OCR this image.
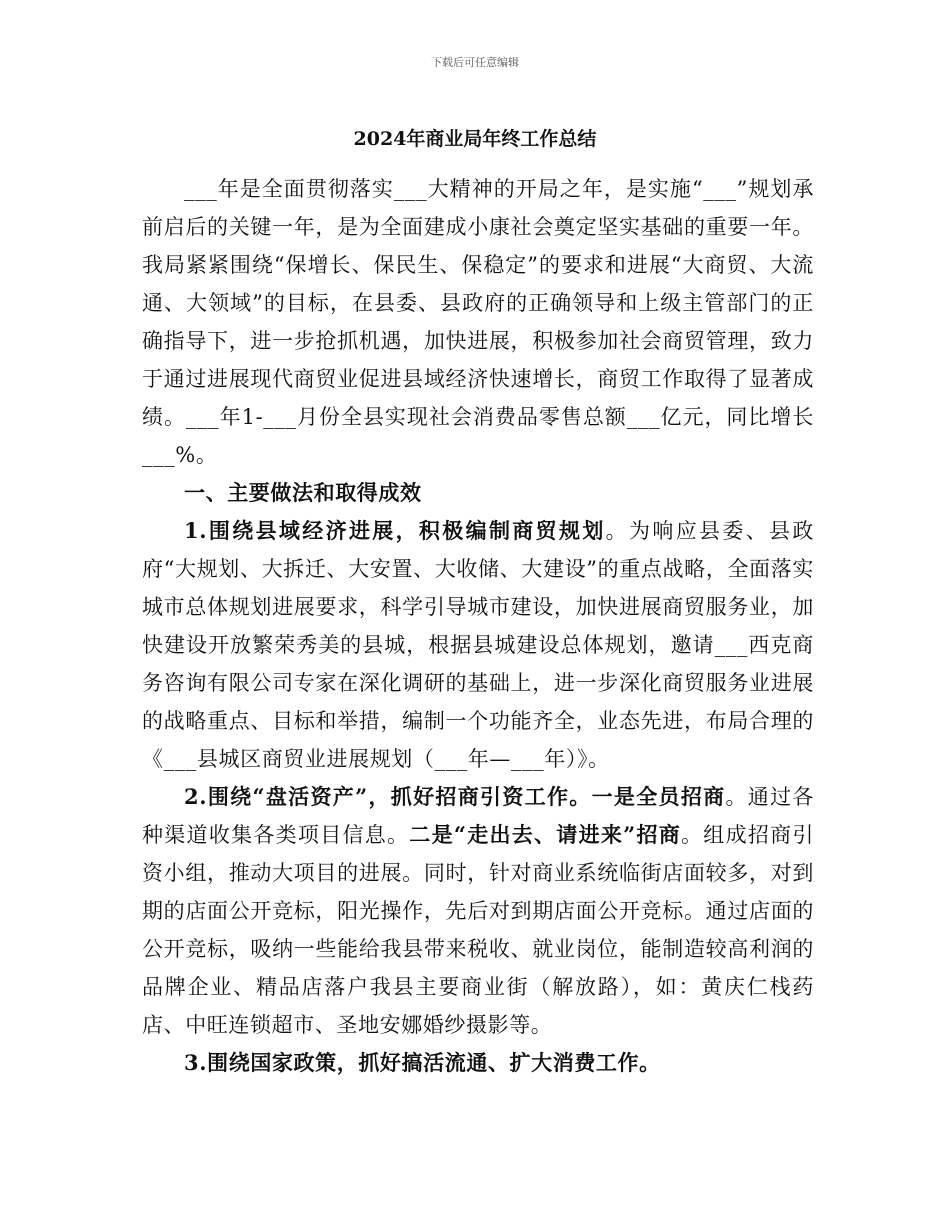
下载后可任意编辑
2024年商业局年终工作总结

___年是全面贯彻落实___大精神的开局之年，是实施“___”规划承前启后的关键一年，是为全面建成小康社会奠定坚实基础的重要一年。我局紧紧围绕“保增长、保民生、保稳定”的要求和进展“大商贸、大流通、大领域”的目标，在县委、县政府的正确领导和上级主管部门的正确指导下，进一步抢抓机遇，加快进展，积极参加社会商贸管理，致力于通过进展现代商贸业促进县域经济快速增长，商贸工作取得了显著成绩。___年1-___月份全县实现社会消费品零售总额___亿元，同比增长___%。

一、主要做法和取得成效

1.围绕县域经济进展，积极编制商贸规划。为响应县委、县政府“大规划、大拆迁、大安置、大收储、大建设”的重点战略，全面落实城市总体规划进展要求，科学引导城市建设，加快进展商贸服务业，加快建设开放繁荣秀美的县城，根据县城建设总体规划，邀请___西克商务咨询有限公司专家在深化调研的基础上，进一步深化商贸服务业进展的战略重点、目标和举措，编制一个功能齐全，业态先进，布局合理的《___县城区商贸业进展规划（___年—___年）》。

2.围绕“盘活资产”，抓好招商引资工作。一是全员招商。通过各种渠道收集各类项目信息。二是“走出去、请进来”招商。组成招商引资小组，推动大项目的进展。同时，针对商业系统临街店面较多，对到期的店面公开竞标，阳光操作，先后对到期店面公开竞标。通过店面的公开竞标，吸纳一些能给我县带来税收、就业岗位，能制造较高利润的品牌企业、精品店落户我县主要商业街（解放路），如：黄庆仁栈药店、中旺连锁超市、圣地安娜婚纱摄影等。

3.围绕国家政策，抓好搞活流通、扩大消费工作。
